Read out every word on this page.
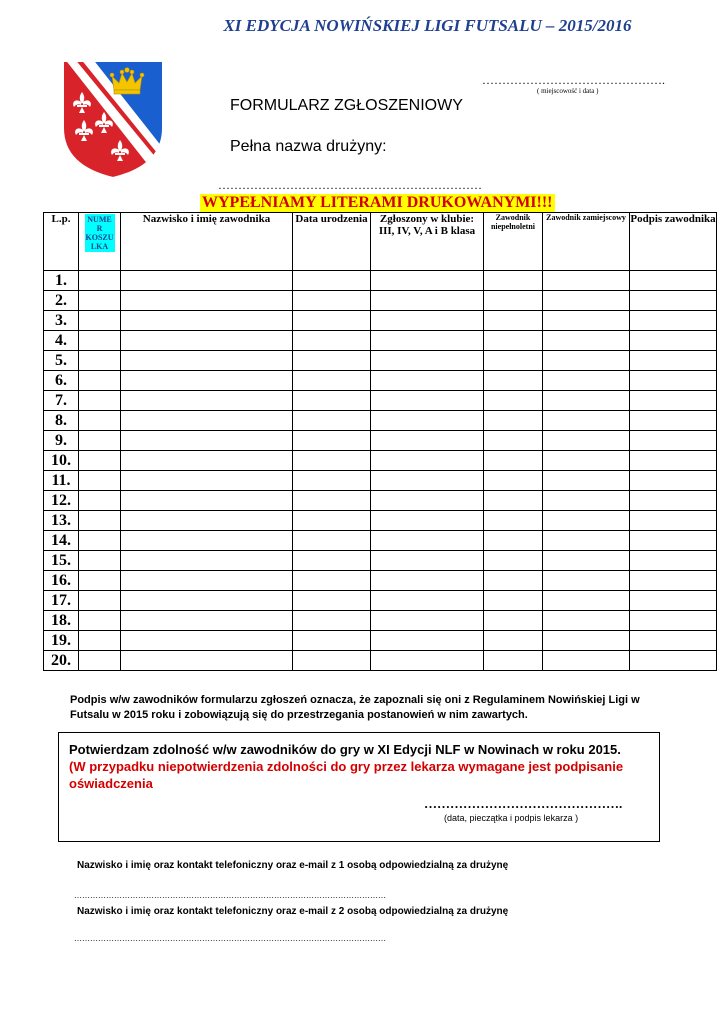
XI EDYCJA NOWIŃSKIEJ LIGI FUTSALU – 2015/2016
……………………………………….
( miejscowość i data )
FORMULARZ ZGŁOSZENIOWY
Pełna nazwa drużyny:
…………………………………………………………
WYPEŁNIAMY LITERAMI DRUKOWANYMI!!!
L.p.	NUME R KOSZU LKA	Nazwisko i imię zawodnika	Data urodzenia	Zgłoszony w klubie: III, IV, V, A i B klasa	Zawodnik niepełnoletni	Zawodnik zamiejscowy	Podpis zawodnika
1.							
2.							
3.							
4.							
5.							
6.							
7.							
8.							
9.							
10.							
11.							
12.							
13.							
14.							
15.							
16.							
17.							
18.							
19.							
20.							
Podpis w/w zawodników formularzu zgłoszeń oznacza, że zapoznali się oni z Regulaminem Nowińskiej Ligi w Futsalu w 2015 roku i zobowiązują się do przestrzegania postanowień w nim zawartych.
Potwierdzam zdolność w/w zawodników do gry w XI Edycji NLF w Nowinach w roku 2015.
(W przypadku niepotwierdzenia zdolności do gry przez lekarza wymagane jest podpisanie oświadczenia
……………………………………….
(data, pieczątka i podpis lekarza )
Nazwisko i imię oraz kontakt telefoniczny oraz e-mail z 1 osobą odpowiedzialną za drużynę
………………………………………………………………………………………………………
Nazwisko i imię oraz kontakt telefoniczny oraz e-mail z 2 osobą odpowiedzialną za drużynę
………………………………………………………………………………………………………
